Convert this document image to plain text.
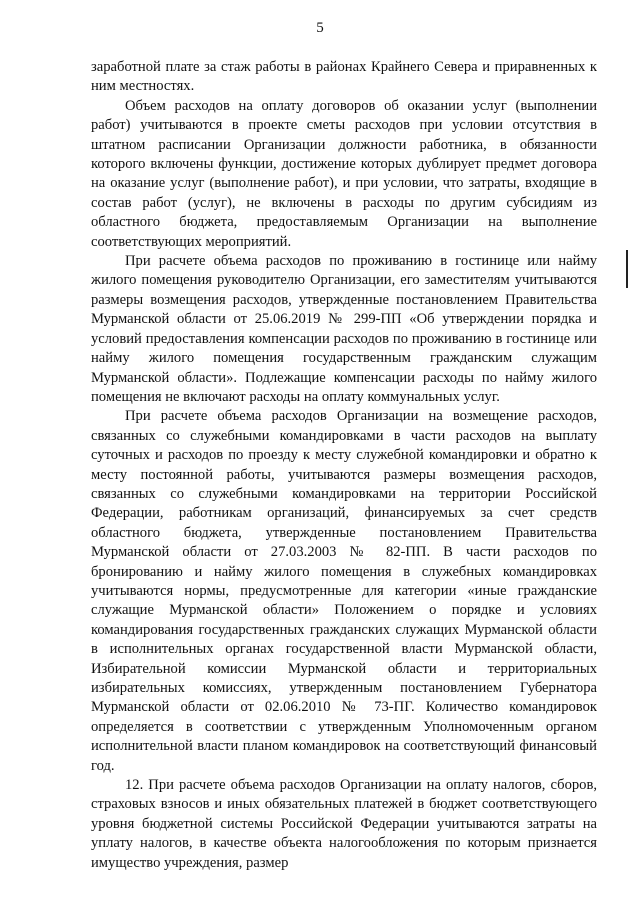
5

заработной плате за стаж работы в районах Крайнего Севера и приравненных к ним местностях.

Объем расходов на оплату договоров об оказании услуг (выполнении работ) учитываются в проекте сметы расходов при условии отсутствия в штатном расписании Организации должности работника, в обязанности которого включены функции, достижение которых дублирует предмет договора на оказание услуг (выполнение работ), и при условии, что затраты, входящие в состав работ (услуг), не включены в расходы по другим субсидиям из областного бюджета, предоставляемым Организации на выполнение соответствующих мероприятий.

При расчете объема расходов по проживанию в гостинице или найму жилого помещения руководителю Организации, его заместителям учитываются размеры возмещения расходов, утвержденные постановлением Правительства Мурманской области от 25.06.2019 № 299-ПП «Об утверждении порядка и условий предоставления компенсации расходов по проживанию в гостинице или найму жилого помещения государственным гражданским служащим Мурманской области». Подлежащие компенсации расходы по найму жилого помещения не включают расходы на оплату коммунальных услуг.

При расчете объема расходов Организации на возмещение расходов, связанных со служебными командировками в части расходов на выплату суточных и расходов по проезду к месту служебной командировки и обратно к месту постоянной работы, учитываются размеры возмещения расходов, связанных со служебными командировками на территории Российской Федерации, работникам организаций, финансируемых за счет средств областного бюджета, утвержденные постановлением Правительства Мурманской области от 27.03.2003 № 82-ПП. В части расходов по бронированию и найму жилого помещения в служебных командировках учитываются нормы, предусмотренные для категории «иные гражданские служащие Мурманской области» Положением о порядке и условиях командирования государственных гражданских служащих Мурманской области в исполнительных органах государственной власти Мурманской области, Избирательной комиссии Мурманской области и территориальных избирательных комиссиях, утвержденным постановлением Губернатора Мурманской области от 02.06.2010 № 73-ПГ. Количество командировок определяется в соответствии с утвержденным Уполномоченным органом исполнительной власти планом командировок на соответствующий финансовый год.

12. При расчете объема расходов Организации на оплату налогов, сборов, страховых взносов и иных обязательных платежей в бюджет соответствующего уровня бюджетной системы Российской Федерации учитываются затраты на уплату налогов, в качестве объекта налогообложения по которым признается имущество учреждения, размер
